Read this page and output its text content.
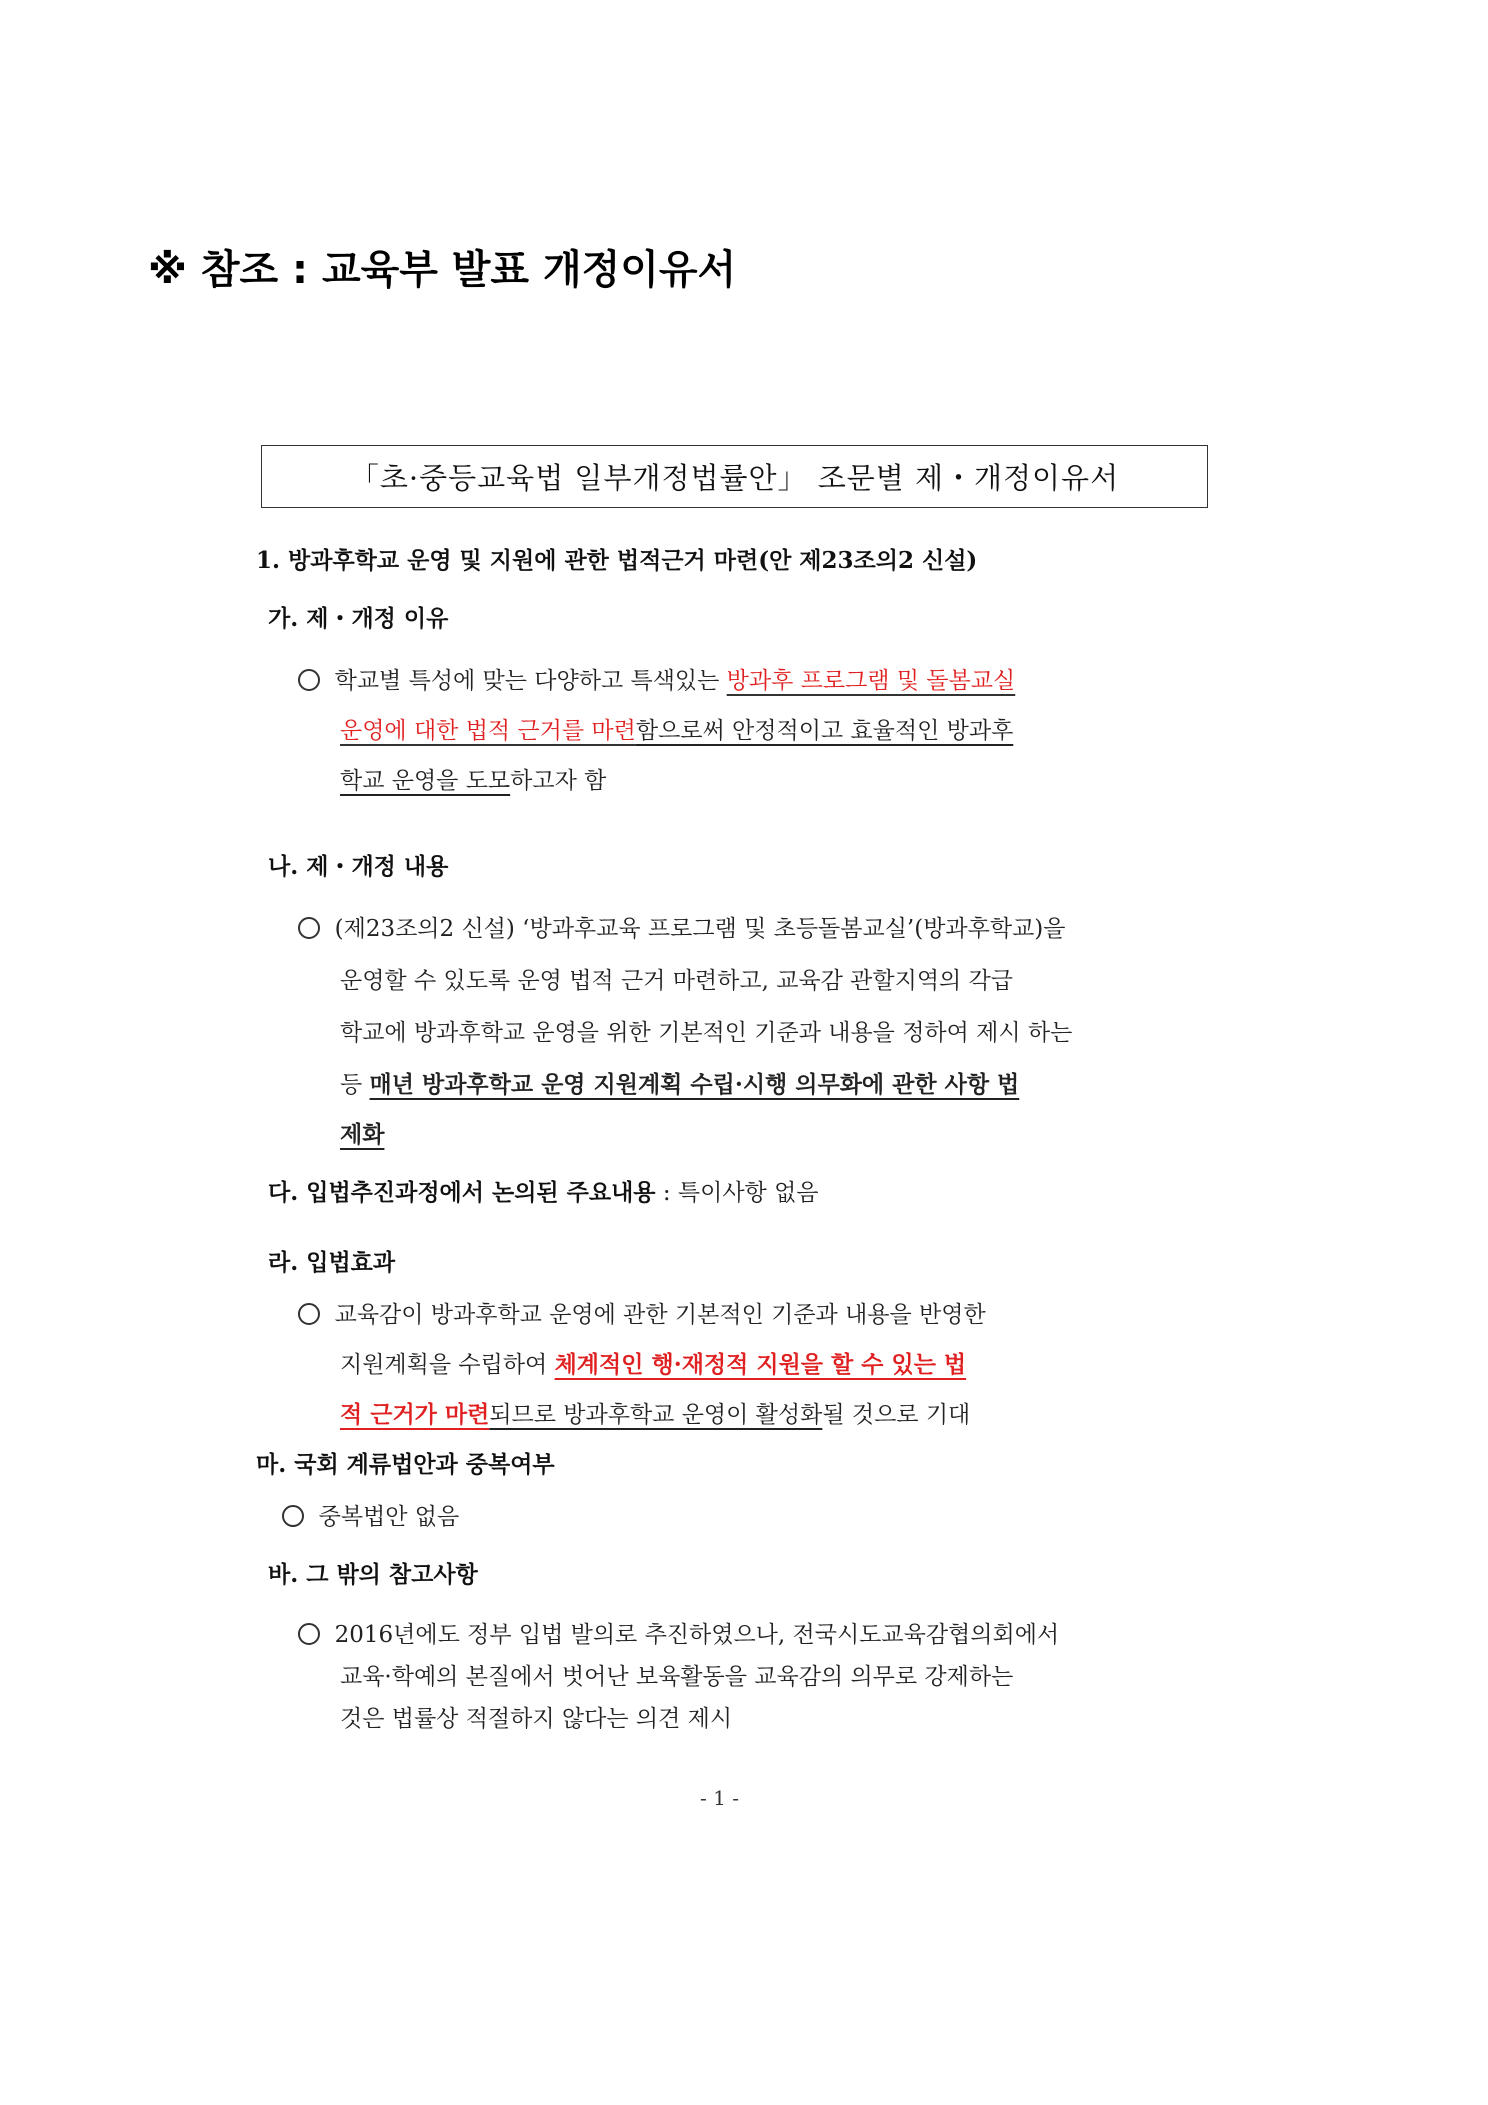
※ 참조 : 교육부 발표 개정이유서
「초·중등교육법 일부개정법률안」 조문별 제・개정이유서
1. 방과후학교 운영 및 지원에 관한 법적근거 마련(안 제23조의2 신설)
가. 제・개정 이유
학교별 특성에 맞는 다양하고 특색있는 방과후 프로그램 및 돌봄교실
운영에 대한 법적 근거를 마련함으로써 안정적이고 효율적인 방과후
학교 운영을 도모하고자 함
나. 제・개정 내용
(제23조의2 신설) ‘방과후교육 프로그램 및 초등돌봄교실’(방과후학교)을
운영할 수 있도록 운영 법적 근거 마련하고, 교육감 관할지역의 각급
학교에 방과후학교 운영을 위한 기본적인 기준과 내용을 정하여 제시 하는
등 매년 방과후학교 운영 지원계획 수립·시행 의무화에 관한 사항 법
제화
다. 입법추진과정에서 논의된 주요내용 : 특이사항 없음
라. 입법효과
교육감이 방과후학교 운영에 관한 기본적인 기준과 내용을 반영한
지원계획을 수립하여 체계적인 행·재정적 지원을 할 수 있는 법
적 근거가 마련되므로 방과후학교 운영이 활성화될 것으로 기대
마. 국회 계류법안과 중복여부
중복법안 없음
바. 그 밖의 참고사항
2016년에도 정부 입법 발의로 추진하였으나, 전국시도교육감협의회에서
교육·학예의 본질에서 벗어난 보육활동을 교육감의 의무로 강제하는
것은 법률상 적절하지 않다는 의견 제시
- 1 -
